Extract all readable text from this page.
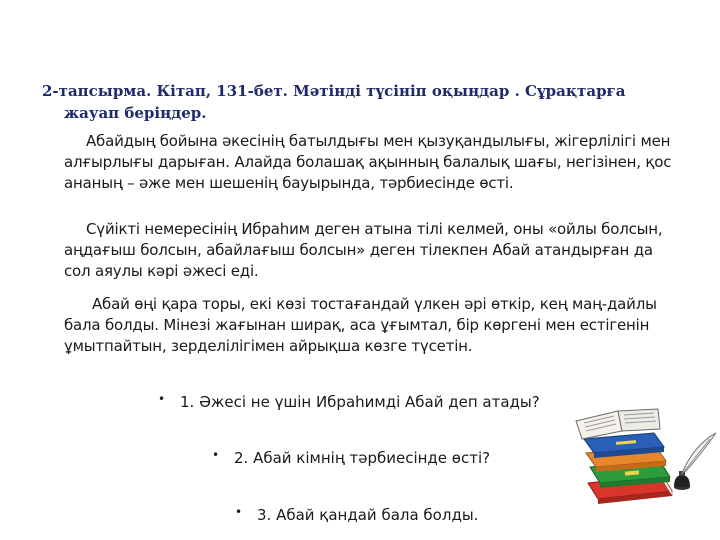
2-тапсырма. Кітап, 131-бет. Мәтінді түсініп оқыңдар . Сұрақтарға жауап беріңдер.
Абайдың бойына әкесінің батылдығы мен қызуқандылығы, жігерлілігі мен алғырлығы дарыған. Алайда болашақ ақынның балалық шағы, негізінен, қос ананың – әже мен шешенің бауырында, тәрбиесінде өсті.
Сүйікті немересінің Ибраһим деген атына тілі келмей, оны «ойлы болсын, аңдағыш болсын, абайлағыш болсын» деген тілекпен Абай атандырған да сол аяулы кәрі әжесі еді.
Абай өңі қара торы, екі көзі тостағандай үлкен әрі өткір, кең маң-дайлы бала болды. Мінезі жағынан ширақ, аса ұғымтал, бір көргені мен естігенін ұмытпайтын, зерделілігімен айрықша көзге түсетін.
• 1. Әжесі не үшін Ибраһимді Абай деп атады?
• 2. Абай кімнің тәрбиесінде өсті?
• 3. Абай қандай бала болды.
